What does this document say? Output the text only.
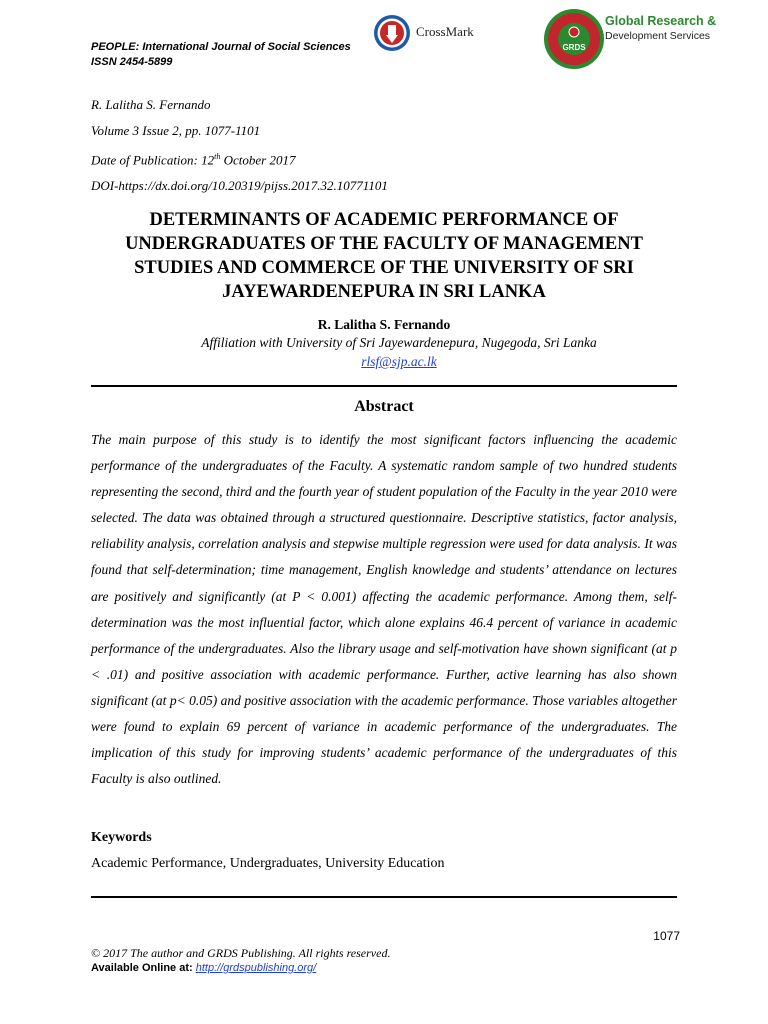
PEOPLE: International Journal of Social Sciences
ISSN 2454-5899
CrossMark
GRDS
Global Research &
Development Services
R. Lalitha S. Fernando
Volume 3 Issue 2, pp. 1077-1101
Date of Publication: 12th October 2017
DOI-https://dx.doi.org/10.20319/pijss.2017.32.10771101
DETERMINANTS OF ACADEMIC PERFORMANCE OF UNDERGRADUATES OF THE FACULTY OF MANAGEMENT STUDIES AND COMMERCE OF THE UNIVERSITY OF SRI JAYEWARDENEPURA IN SRI LANKA
R. Lalitha S. Fernando
Affiliation with University of Sri Jayewardenepura, Nugegoda, Sri Lanka
rlsf@sjp.ac.lk
Abstract
The main purpose of this study is to identify the most significant factors influencing the academic performance of the undergraduates of the Faculty. A systematic random sample of two hundred students representing the second, third and the fourth year of student population of the Faculty in the year 2010 were selected. The data was obtained through a structured questionnaire. Descriptive statistics, factor analysis, reliability analysis, correlation analysis and stepwise multiple regression were used for data analysis. It was found that self-determination; time management, English knowledge and students’ attendance on lectures are positively and significantly (at P < 0.001) affecting the academic performance. Among them, self-determination was the most influential factor, which alone explains 46.4 percent of variance in academic performance of the undergraduates. Also the library usage and self-motivation have shown significant (at p < .01) and positive association with academic performance. Further, active learning has also shown significant (at p< 0.05) and positive association with the academic performance. Those variables altogether were found to explain 69 percent of variance in academic performance of the undergraduates. The implication of this study for improving students’ academic performance of the undergraduates of this Faculty is also outlined.
Keywords
Academic Performance, Undergraduates, University Education
1077
© 2017 The author and GRDS Publishing. All rights reserved.
Available Online at: http://grdspublishing.org/
